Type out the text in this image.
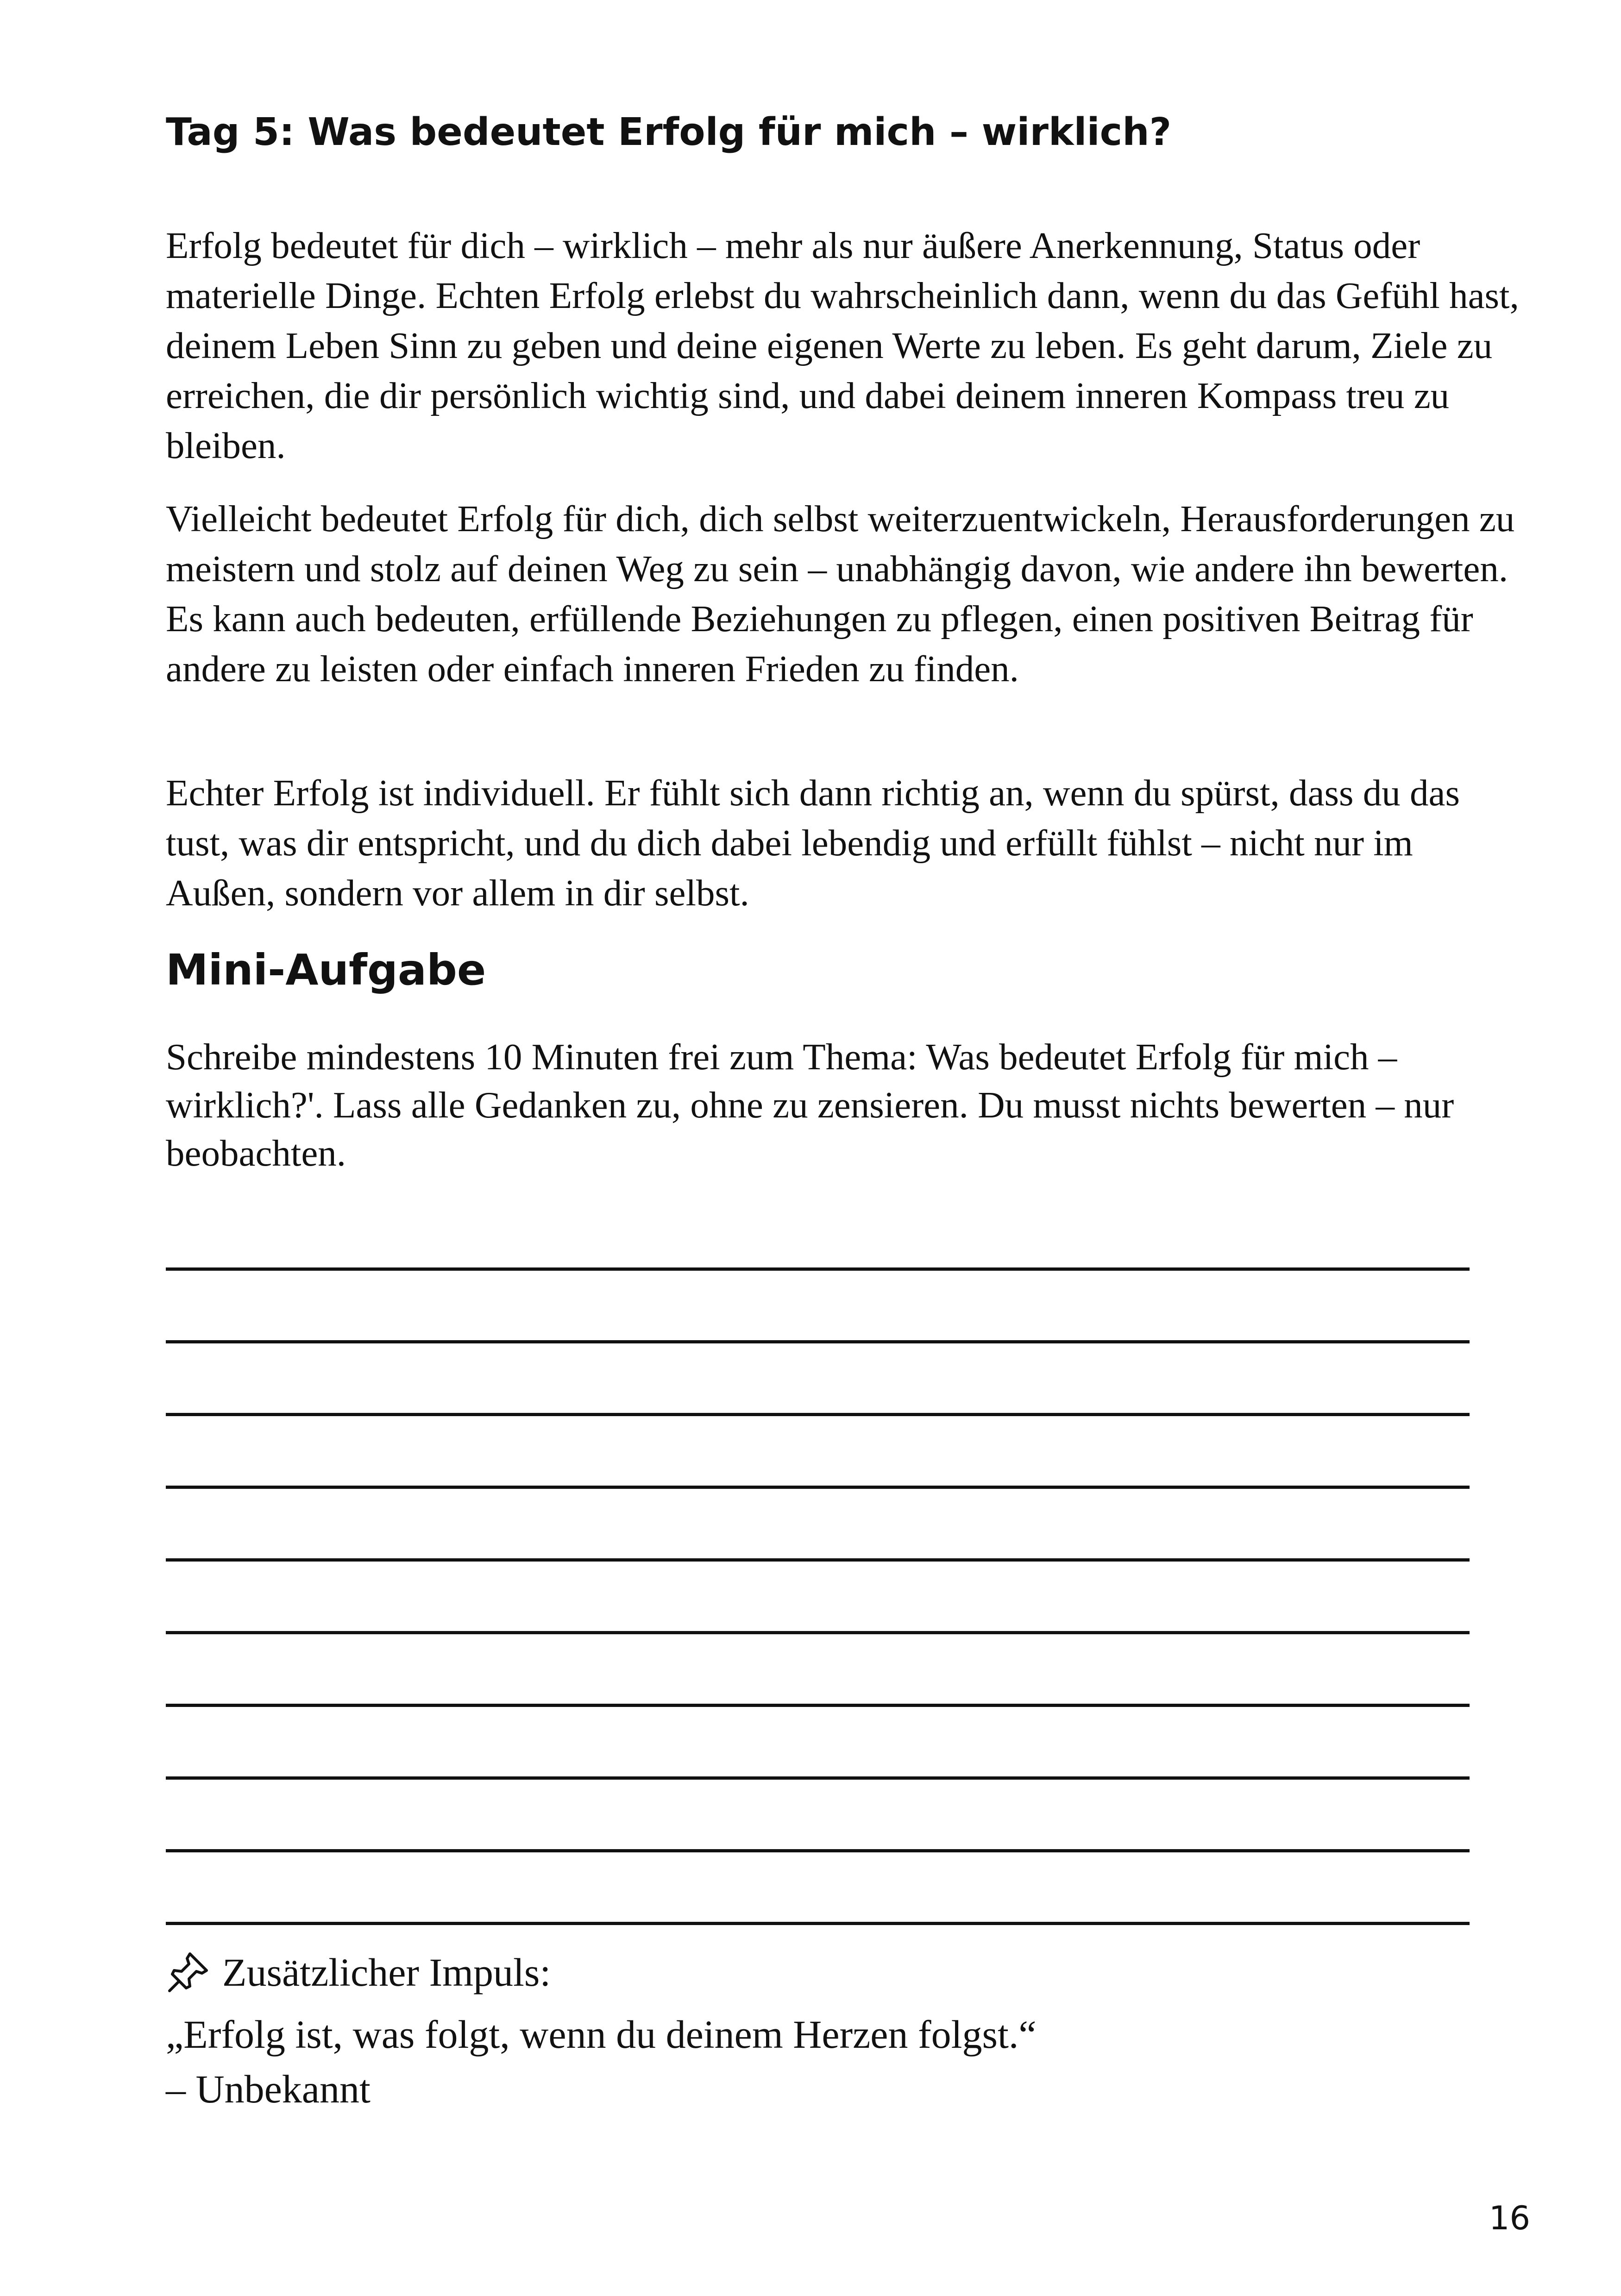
Tag 5: Was bedeutet Erfolg für mich – wirklich?

Erfolg bedeutet für dich – wirklich – mehr als nur äußere Anerkennung, Status oder materielle Dinge. Echten Erfolg erlebst du wahrscheinlich dann, wenn du das Gefühl hast, deinem Leben Sinn zu geben und deine eigenen Werte zu leben. Es geht darum, Ziele zu erreichen, die dir persönlich wichtig sind, und dabei deinem inneren Kompass treu zu bleiben.

Vielleicht bedeutet Erfolg für dich, dich selbst weiterzuentwickeln, Herausforderungen zu meistern und stolz auf deinen Weg zu sein – unabhängig davon, wie andere ihn bewerten. Es kann auch bedeuten, erfüllende Beziehungen zu pflegen, einen positiven Beitrag für andere zu leisten oder einfach inneren Frieden zu finden.

Echter Erfolg ist individuell. Er fühlt sich dann richtig an, wenn du spürst, dass du das tust, was dir entspricht, und du dich dabei lebendig und erfüllt fühlst – nicht nur im Außen, sondern vor allem in dir selbst.

Mini-Aufgabe

Schreibe mindestens 10 Minuten frei zum Thema: Was bedeutet Erfolg für mich – wirklich?'. Lass alle Gedanken zu, ohne zu zensieren. Du musst nichts bewerten – nur beobachten.

Zusätzlicher Impuls:

„Erfolg ist, was folgt, wenn du deinem Herzen folgst.“
– Unbekannt

16
